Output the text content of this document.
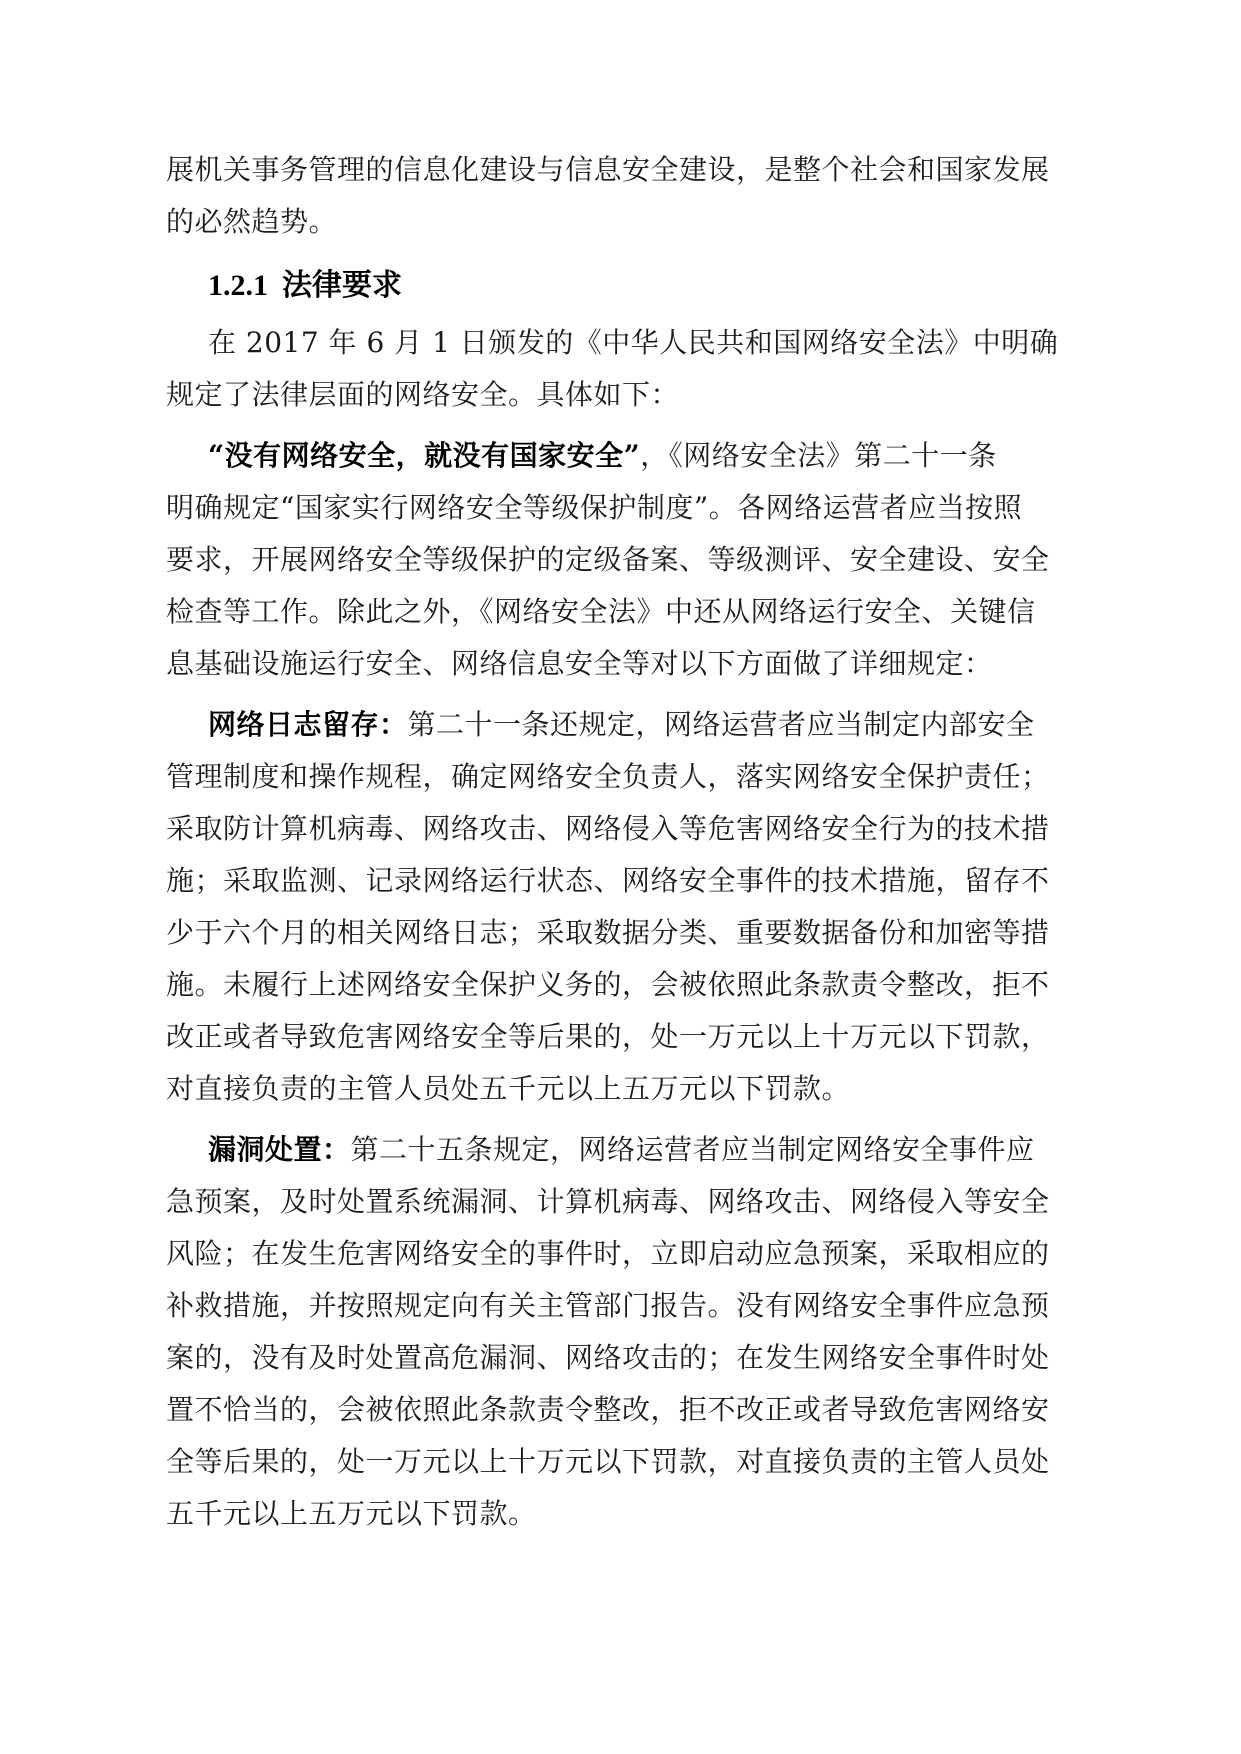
展机关事务管理的信息化建设与信息安全建设，是整个社会和国家发展
的必然趋势。
1.2.1 法律要求
在 2017 年 6 月 1 日颁发的《中华人民共和国网络安全法》中明确
规定了法律层面的网络安全。具体如下：
“没有网络安全，就没有国家安全”，《网络安全法》第二十一条
明确规定“国家实行网络安全等级保护制度”。各网络运营者应当按照
要求，开展网络安全等级保护的定级备案、等级测评、安全建设、安全
检查等工作。除此之外，《网络安全法》中还从网络运行安全、关键信
息基础设施运行安全、网络信息安全等对以下方面做了详细规定：
网络日志留存：第二十一条还规定，网络运营者应当制定内部安全
管理制度和操作规程，确定网络安全负责人，落实网络安全保护责任；
采取防计算机病毒、网络攻击、网络侵入等危害网络安全行为的技术措
施；采取监测、记录网络运行状态、网络安全事件的技术措施，留存不
少于六个月的相关网络日志；采取数据分类、重要数据备份和加密等措
施。未履行上述网络安全保护义务的，会被依照此条款责令整改，拒不
改正或者导致危害网络安全等后果的，处一万元以上十万元以下罚款，
对直接负责的主管人员处五千元以上五万元以下罚款。
漏洞处置：第二十五条规定，网络运营者应当制定网络安全事件应
急预案，及时处置系统漏洞、计算机病毒、网络攻击、网络侵入等安全
风险；在发生危害网络安全的事件时，立即启动应急预案，采取相应的
补救措施，并按照规定向有关主管部门报告。没有网络安全事件应急预
案的，没有及时处置高危漏洞、网络攻击的；在发生网络安全事件时处
置不恰当的，会被依照此条款责令整改，拒不改正或者导致危害网络安
全等后果的，处一万元以上十万元以下罚款，对直接负责的主管人员处
五千元以上五万元以下罚款。
